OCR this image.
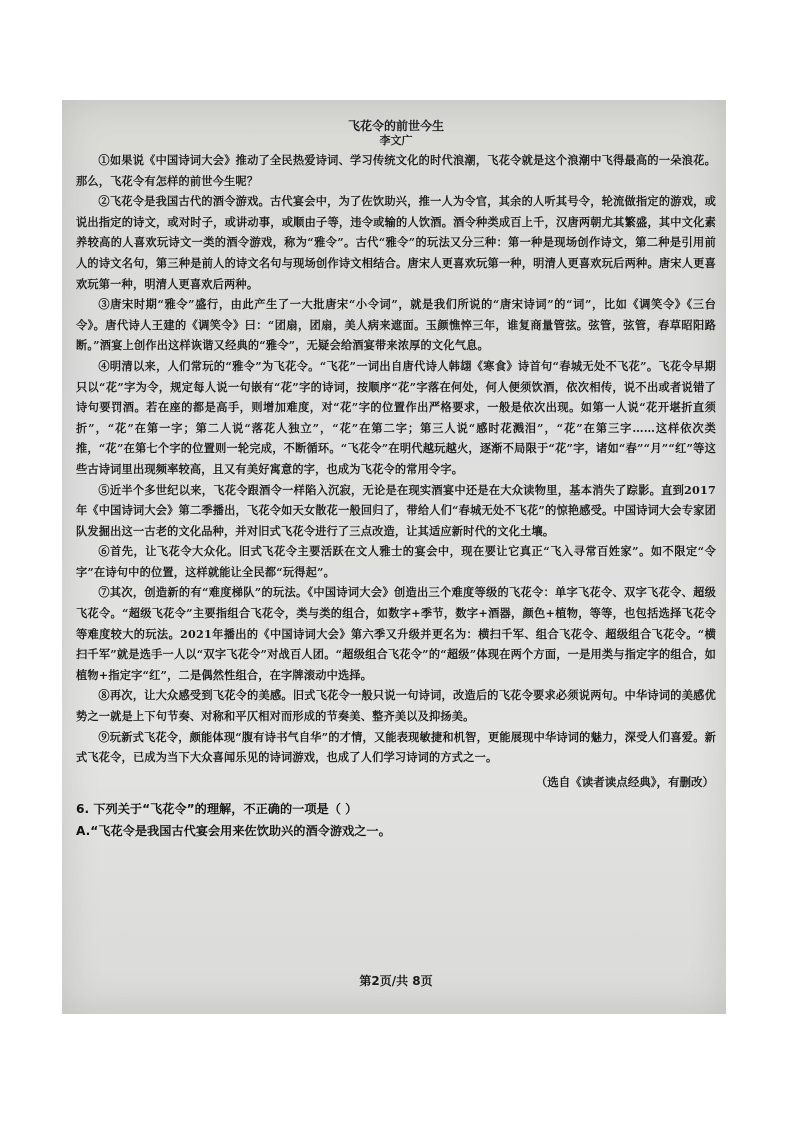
飞花令的前世今生
李文广

①如果说《中国诗词大会》推动了全民热爱诗词、学习传统文化的时代浪潮，飞花令就是这个浪潮中飞得最高的一朵浪花。那么，飞花令有怎样的前世今生呢？

②飞花令是我国古代的酒令游戏。古代宴会中，为了佐饮助兴，推一人为令官，其余的人听其号令，轮流做指定的游戏，或说出指定的诗文，或对时子，或讲动事，或顺由子等，违令或输的人饮酒。酒令种类成百上千，汉唐两朝尤其繁盛，其中文化素养较高的人喜欢玩诗文一类的酒令游戏，称为“雅令”。古代“雅令”的玩法又分三种：第一种是现场创作诗文，第二种是引用前人的诗文名句，第三种是前人的诗文名句与现场创作诗文相结合。唐宋人更喜欢玩第一种，明清人更喜欢玩后两种。唐宋人更喜欢玩第一种，明清人更喜欢后两种。

③唐宋时期“雅令”盛行，由此产生了一大批唐宋“小令词”，就是我们所说的“唐宋诗词”的“词”，比如《调笑令》《三台令》。唐代诗人王建的《调笑令》曰：“团扇，团扇，美人病来遮面。玉颜憔悴三年，谁复商量管弦。弦管，弦管，春草昭阳路断。”酒宴上创作出这样诙谐又经典的“雅令”，无疑会给酒宴带来浓厚的文化气息。

④明清以来，人们常玩的“雅令”为飞花令。“飞花”一词出自唐代诗人韩翃《寒食》诗首句“春城无处不飞花”。飞花令早期只以“花”字为令，规定每人说一句嵌有“花”字的诗词，按顺序“花”字落在何处，何人便须饮酒，依次相传，说不出或者说错了诗句要罚酒。若在座的都是高手，则增加难度，对“花”字的位置作出严格要求，一般是依次出现。如第一人说“花开堪折直须折”，“花”在第一字；第二人说“落花人独立”，“花”在第二字；第三人说“感时花溅泪”，“花”在第三字……这样依次类推，“花”在第七个字的位置则一轮完成，不断循环。“飞花令”在明代越玩越火，逐渐不局限于“花”字，诸如“春”“月”“红”等这些古诗词里出现频率较高，且又有美好寓意的字，也成为飞花令的常用令字。

⑤近半个多世纪以来，飞花令跟酒令一样陷入沉寂，无论是在现实酒宴中还是在大众读物里，基本消失了踪影。直到2017年《中国诗词大会》第二季播出，飞花令如天女散花一般回归了，带给人们“春城无处不飞花”的惊艳感受。中国诗词大会专家团队发掘出这一古老的文化品种，并对旧式飞花令进行了三点改造，让其适应新时代的文化土壤。

⑥首先，让飞花令大众化。旧式飞花令主要活跃在文人雅士的宴会中，现在要让它真正“飞入寻常百姓家”。如不限定“令字”在诗句中的位置，这样就能让全民都“玩得起”。

⑦其次，创造新的有“难度梯队”的玩法。《中国诗词大会》创造出三个难度等级的飞花令：单字飞花令、双字飞花令、超级飞花令。“超级飞花令”主要指组合飞花令，类与类的组合，如数字+季节，数字+酒器，颜色+植物，等等，也包括选择飞花令等难度较大的玩法。2021年播出的《中国诗词大会》第六季又升级并更名为：横扫千军、组合飞花令、超级组合飞花令。“横扫千军”就是选手一人以“双字飞花令”对战百人团。“超级组合飞花令”的“超级”体现在两个方面，一是用类与指定字的组合，如植物+指定字“红”，二是偶然性组合，在字牌滚动中选择。

⑧再次，让大众感受到飞花令的美感。旧式飞花令一般只说一句诗词，改造后的飞花令要求必须说两句。中华诗词的美感优势之一就是上下句节奏、对称和平仄相对而形成的节奏美、整齐美以及抑扬美。

⑨玩新式飞花令，颇能体现“腹有诗书气自华”的才情，又能表现敏捷和机智，更能展现中华诗词的魅力，深受人们喜爱。新式飞花令，已成为当下大众喜闻乐见的诗词游戏，也成了人们学习诗词的方式之一。

（选自《读者读点经典》，有删改）
6. 下列关于“飞花令”的理解，不正确的一项是（ ）
A.“飞花令是我国古代宴会用来佐饮助兴的酒令游戏之一。
第2页/共 8页
